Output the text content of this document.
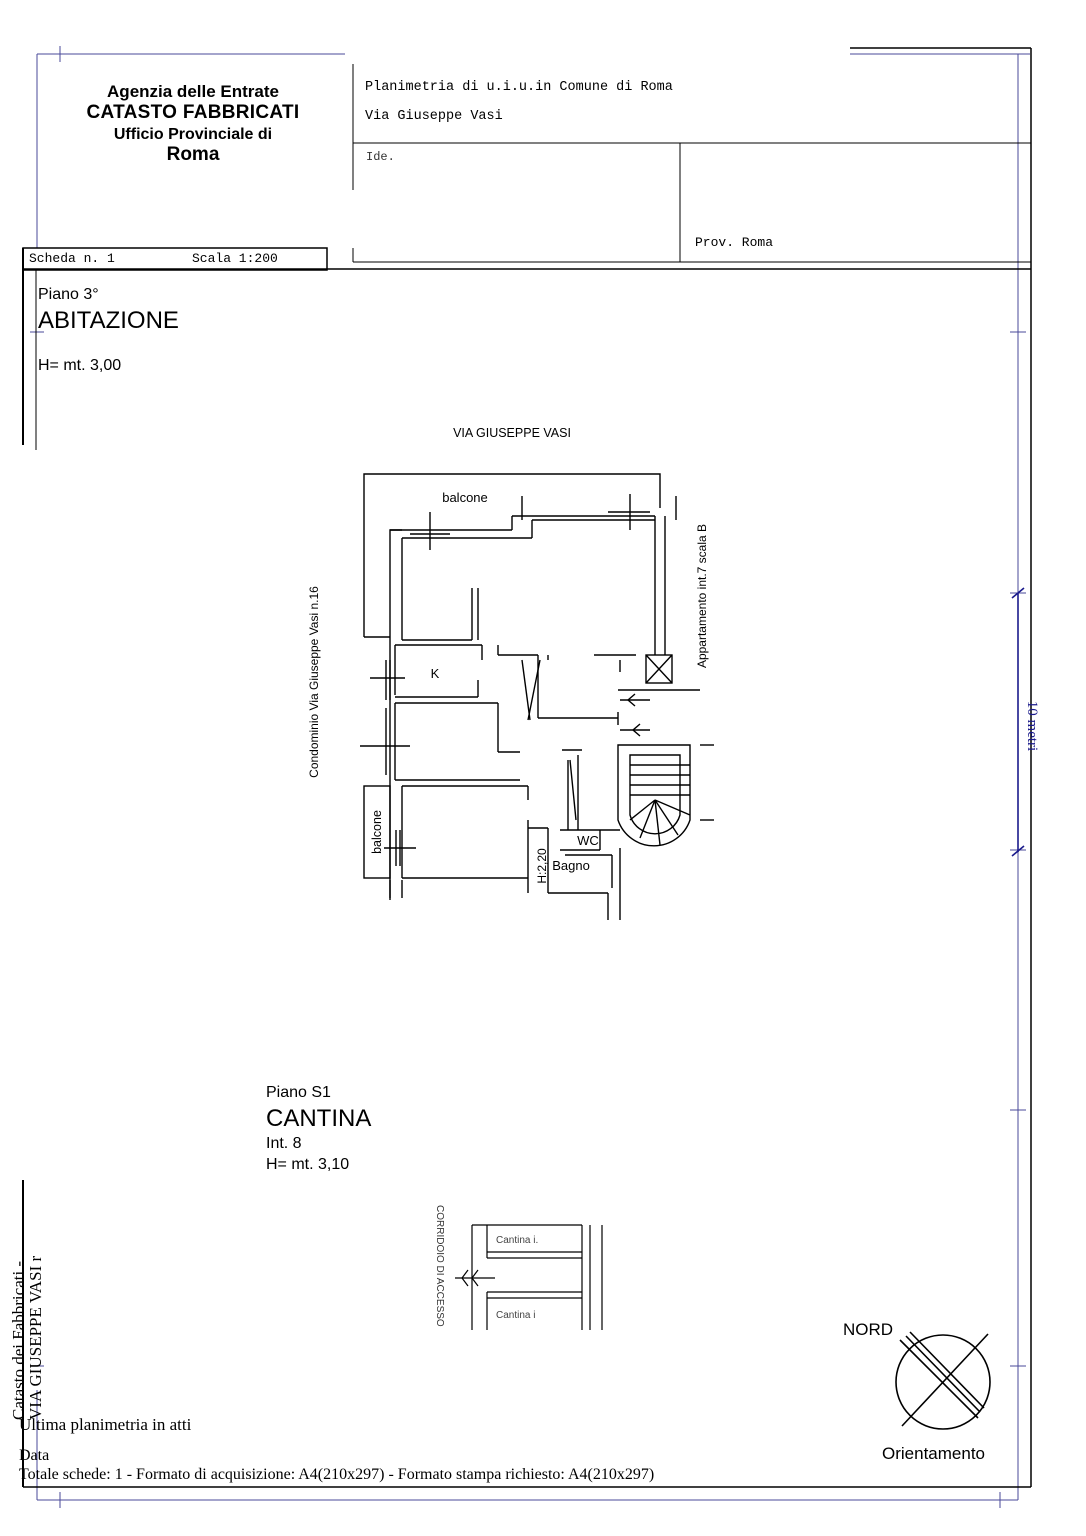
Agenzia delle Entrate
CATASTO FABBRICATI
Ufficio Provinciale di
Roma
Planimetria di u.i.u.in Comune di Roma
Via Giuseppe Vasi
Ide.
Prov. Roma
Scheda n. 1	Scala 1:200
Piano 3°
ABITAZIONE
H= mt. 3,00
VIA GIUSEPPE VASI
balcone
K
WC
Bagno
H:2,20
balcone
Condominio Via Giuseppe Vasi n.16	Appartamento int.7 scala B
10 metri
Piano S1
CANTINA
Int. 8
H= mt. 3,10
CORRIDOIO DI ACCESSO	Cantina i.
Cantina i
NORD
Orientamento
Catasto dei Fabbricati -
VIA GIUSEPPE VASI r
Ultima planimetria in atti
Data
Totale schede: 1 - Formato di acquisizione: A4(210x297) - Formato stampa richiesto: A4(210x297)
